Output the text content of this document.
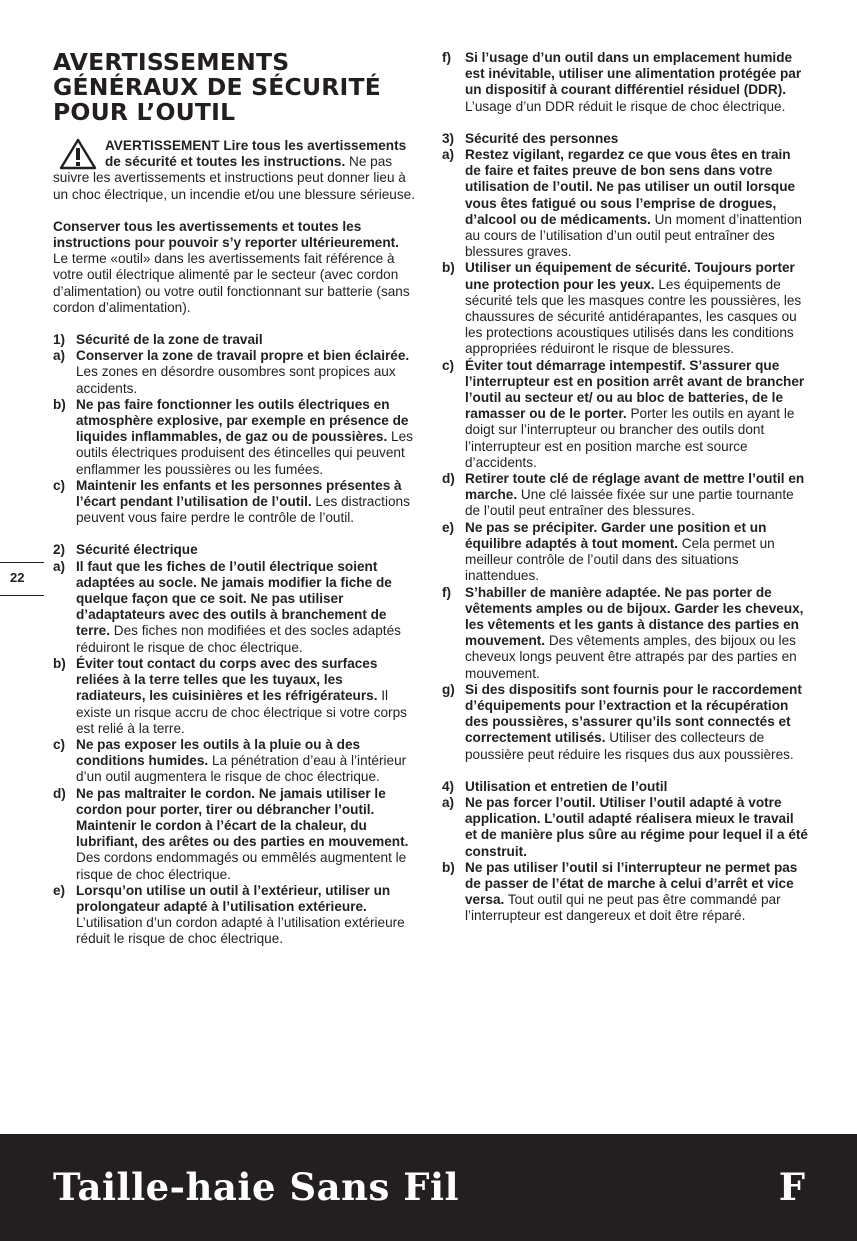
AVERTISSEMENTS
GÉNÉRAUX DE SÉCURITÉ
POUR L’OUTIL

AVERTISSEMENT Lire tous les avertissements de sécurité et toutes les instructions. Ne pas suivre les avertissements et instructions peut donner lieu à un choc électrique, un incendie et/ou une blessure sérieuse.

Conserver tous les avertissements et toutes les instructions pour pouvoir s’y reporter ultérieurement.

Le terme «outil» dans les avertissements fait référence à votre outil électrique alimenté par le secteur (avec cordon d’alimentation) ou votre outil fonctionnant sur batterie (sans cordon d’alimentation).

1) Sécurité de la zone de travail
a) Conserver la zone de travail propre et bien éclairée. Les zones en désordre ousombres sont propices aux accidents.
b) Ne pas faire fonctionner les outils électriques en atmosphère explosive, par exemple en présence de liquides inflammables, de gaz ou de poussières. Les outils électriques produisent des étincelles qui peuvent enflammer les poussières ou les fumées.
c) Maintenir les enfants et les personnes présentes à l’écart pendant l’utilisation de l’outil. Les distractions peuvent vous faire perdre le contrôle de l’outil.
2) Sécurité électrique
a) Il faut que les fiches de l’outil électrique soient adaptées au socle. Ne jamais modifier la fiche de quelque façon que ce soit. Ne pas utiliser d’adaptateurs avec des outils à branchement de terre. Des fiches non modifiées et des socles adaptés réduiront le risque de choc électrique.
b) Éviter tout contact du corps avec des surfaces reliées à la terre telles que les tuyaux, les radiateurs, les cuisinières et les réfrigérateurs. Il existe un risque accru de choc électrique si votre corps est relié à la terre.
c) Ne pas exposer les outils à la pluie ou à des conditions humides. La pénétration d’eau à l’intérieur d’un outil augmentera le risque de choc électrique.
d) Ne pas maltraiter le cordon. Ne jamais utiliser le cordon pour porter, tirer ou débrancher l’outil. Maintenir le cordon à l’écart de la chaleur, du lubrifiant, des arêtes ou des parties en mouvement. Des cordons endommagés ou emmêlés augmentent le risque de choc électrique.
e) Lorsqu’on utilise un outil à l’extérieur, utiliser un prolongateur adapté à l’utilisation extérieure. L’utilisation d’un cordon adapté à l’utilisation extérieure réduit le risque de choc électrique.
f)	Si l’usage d’un outil dans un emplacement humide est inévitable, utiliser une alimentation protégée par un dispositif à courant différentiel résiduel (DDR). L’usage d’un DDR réduit le risque de choc électrique.
3) Sécurité des personnes
a) Restez vigilant, regardez ce que vous êtes en train de faire et faites preuve de bon sens dans votre utilisation de l’outil. Ne pas utiliser un outil lorsque vous êtes fatigué ou sous l’emprise de drogues, d’alcool ou de médicaments. Un moment d’inattention au cours de l’utilisation d’un outil peut entraîner des blessures graves.
b) Utiliser un équipement de sécurité. Toujours porter une protection pour les yeux. Les équipements de sécurité tels que les masques contre les poussières, les chaussures de sécurité antidérapantes, les casques ou les protections acoustiques utilisés dans les conditions appropriées réduiront le risque de blessures.
c) Éviter tout démarrage intempestif. S’assurer que l’interrupteur est en position arrêt avant de brancher l’outil au secteur et/ ou au bloc de batteries, de le ramasser ou de le porter. Porter les outils en ayant le doigt sur l’interrupteur ou brancher des outils dont l’interrupteur est en position marche est source d’accidents.
d) Retirer toute clé de réglage avant de mettre l’outil en marche. Une clé laissée fixée sur une partie tournante de l’outil peut entraîner des blessures.
e) Ne pas se précipiter. Garder une position et un équilibre adaptés à tout moment. Cela permet un meilleur contrôle de l’outil dans des situations inattendues.
f)	S’habiller de manière adaptée. Ne pas porter de vêtements amples ou de bijoux. Garder les cheveux, les vêtements et les gants à distance des parties en mouvement. Des vêtements amples, des bijoux ou les cheveux longs peuvent être attrapés par des parties en mouvement.
g) Si des dispositifs sont fournis pour le raccordement d’équipements pour l’extraction et la récupération des poussières, s’assurer qu’ils sont connectés et correctement utilisés. Utiliser des collecteurs de poussière peut réduire les risques dus aux poussières.
4) Utilisation et entretien de l’outil
a) Ne pas forcer l’outil. Utiliser l’outil adapté à votre application. L’outil adapté réalisera mieux le travail et de manière plus sûre au régime pour lequel il a été construit.
b) Ne pas utiliser l’outil si l’interrupteur ne permet pas de passer de l’état de marche à celui d’arrêt et vice versa. Tout outil qui ne peut pas être commandé par l’interrupteur est dangereux et doit être réparé.
22
Taille-haie Sans Fil	F
